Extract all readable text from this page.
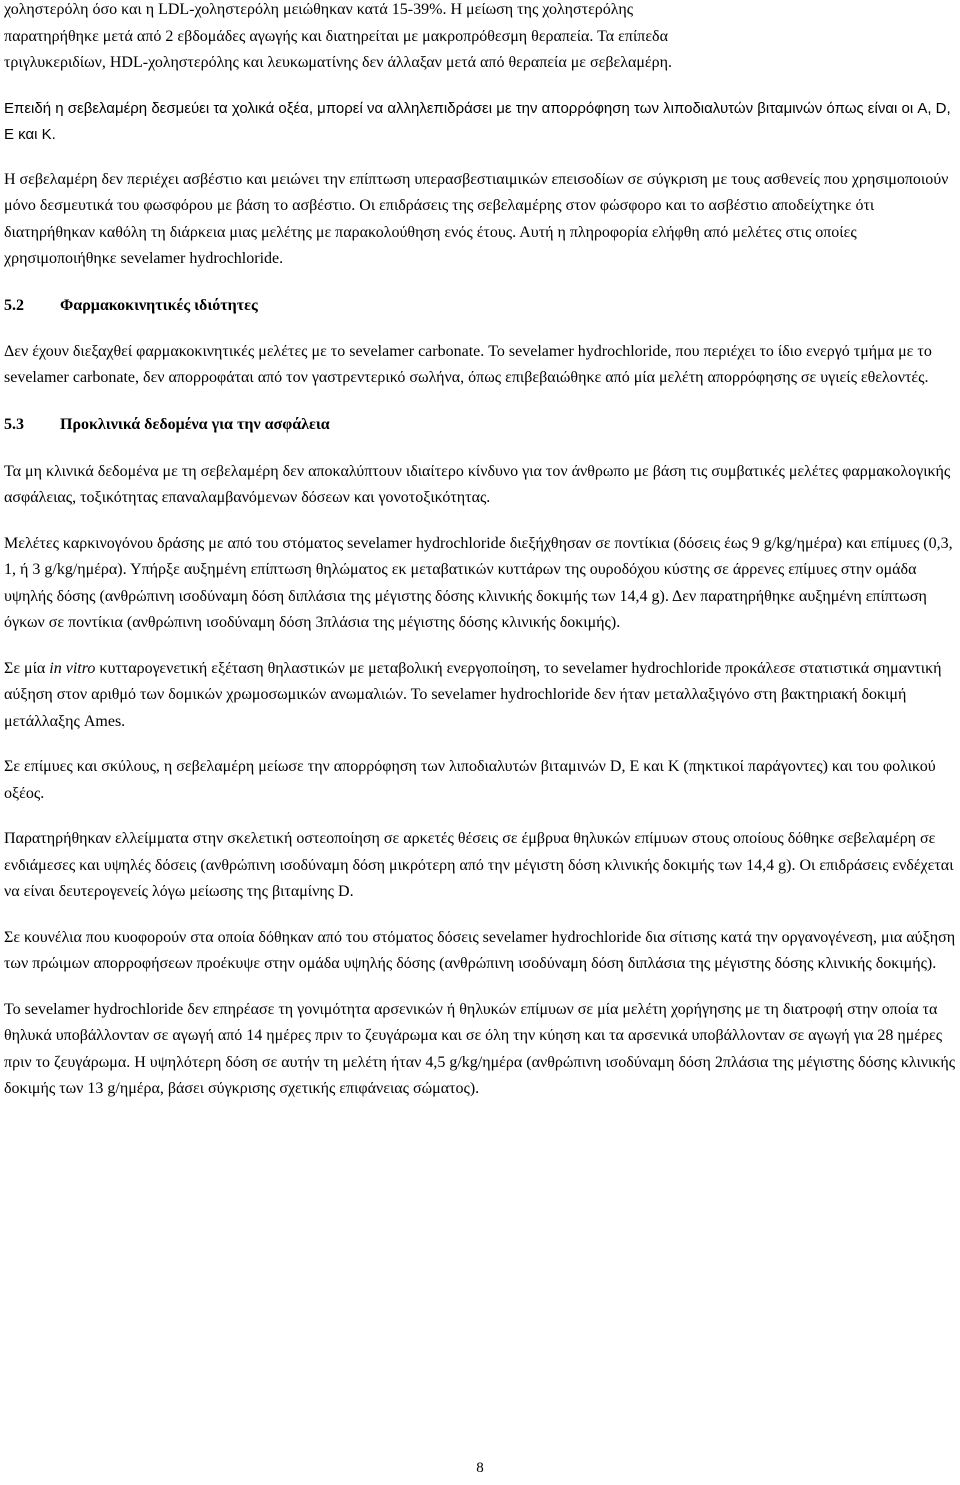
χοληστερόλη όσο και η LDL-χοληστερόλη μειώθηκαν κατά 15-39%. Η μείωση της χοληστερόλης
παρατηρήθηκε μετά από 2 εβδομάδες αγωγής και διατηρείται με μακροπρόθεσμη θεραπεία. Τα επίπεδα
τριγλυκεριδίων, HDL-χοληστερόλης και λευκωματίνης δεν άλλαξαν μετά από θεραπεία με σεβελαμέρη.

Επειδή η σεβελαμέρη δεσμεύει τα χολικά οξέα, μπορεί να αλληλεπιδράσει με την απορρόφηση των λιποδιαλυτών βιταμινών όπως είναι οι A, D, E και K.

Η σεβελαμέρη δεν περιέχει ασβέστιο και μειώνει την επίπτωση υπερασβεστιαιμικών επεισοδίων σε σύγκριση με τους ασθενείς που χρησιμοποιούν μόνο δεσμευτικά του φωσφόρου με βάση το ασβέστιο. Οι επιδράσεις της σεβελαμέρης στον φώσφορο και το ασβέστιο αποδείχτηκε ότι διατηρήθηκαν καθόλη τη διάρκεια μιας μελέτης με παρακολούθηση ενός έτους. Αυτή η πληροφορία ελήφθη από μελέτες στις οποίες χρησιμοποιήθηκε sevelamer hydrochloride.

5.2	Φαρμακοκινητικές ιδιότητες

Δεν έχουν διεξαχθεί φαρμακοκινητικές μελέτες με το sevelamer carbonate. Το sevelamer hydrochloride, που περιέχει το ίδιο ενεργό τμήμα με το sevelamer carbonate, δεν απορροφάται από τον γαστρεντερικό σωλήνα, όπως επιβεβαιώθηκε από μία μελέτη απορρόφησης σε υγιείς εθελοντές.

5.3	Προκλινικά δεδομένα για την ασφάλεια

Τα μη κλινικά δεδομένα με τη σεβελαμέρη δεν αποκαλύπτουν ιδιαίτερο κίνδυνο για τον άνθρωπο με βάση τις συμβατικές μελέτες φαρμακολογικής ασφάλειας, τοξικότητας επαναλαμβανόμενων δόσεων και γονοτοξικότητας.

Μελέτες καρκινογόνου δράσης με από του στόματος sevelamer hydrochloride διεξήχθησαν σε ποντίκια (δόσεις έως 9 g/kg/ημέρα) και επίμυες (0,3, 1, ή 3 g/kg/ημέρα). Υπήρξε αυξημένη επίπτωση θηλώματος εκ μεταβατικών κυττάρων της ουροδόχου κύστης σε άρρενες επίμυες στην ομάδα υψηλής δόσης (ανθρώπινη ισοδύναμη δόση διπλάσια της μέγιστης δόσης κλινικής δοκιμής των 14,4 g). Δεν παρατηρήθηκε αυξημένη επίπτωση όγκων σε ποντίκια (ανθρώπινη ισοδύναμη δόση 3πλάσια της μέγιστης δόσης κλινικής δοκιμής).

Σε μία in vitro κυτταρογενετική εξέταση θηλαστικών με μεταβολική ενεργοποίηση, το sevelamer hydrochloride προκάλεσε στατιστικά σημαντική αύξηση στον αριθμό των δομικών χρωμοσωμικών ανωμαλιών. Το sevelamer hydrochloride δεν ήταν μεταλλαξιγόνο στη βακτηριακή δοκιμή μετάλλαξης Ames.

Σε επίμυες και σκύλους, η σεβελαμέρη μείωσε την απορρόφηση των λιποδιαλυτών βιταμινών D, E και K (πηκτικοί παράγοντες) και του φολικού οξέος.

Παρατηρήθηκαν ελλείμματα στην σκελετική οστεοποίηση σε αρκετές θέσεις σε έμβρυα θηλυκών επίμυων στους οποίους δόθηκε σεβελαμέρη σε ενδιάμεσες και υψηλές δόσεις (ανθρώπινη ισοδύναμη δόση μικρότερη από την μέγιστη δόση κλινικής δοκιμής των 14,4 g). Οι επιδράσεις ενδέχεται να είναι δευτερογενείς λόγω μείωσης της βιταμίνης D.

Σε κουνέλια που κυοφορούν στα οποία δόθηκαν από του στόματος δόσεις sevelamer hydrochloride δια σίτισης κατά την οργανογένεση, μια αύξηση των πρώιμων απορροφήσεων προέκυψε στην ομάδα υψηλής δόσης (ανθρώπινη ισοδύναμη δόση διπλάσια της μέγιστης δόσης κλινικής δοκιμής).

Το sevelamer hydrochloride δεν επηρέασε τη γονιμότητα αρσενικών ή θηλυκών επίμυων σε μία μελέτη χορήγησης με τη διατροφή στην οποία τα θηλυκά υποβάλλονταν σε αγωγή από 14 ημέρες πριν το ζευγάρωμα και σε όλη την κύηση και τα αρσενικά υποβάλλονταν σε αγωγή για 28 ημέρες πριν το ζευγάρωμα. Η υψηλότερη δόση σε αυτήν τη μελέτη ήταν 4,5 g/kg/ημέρα (ανθρώπινη ισοδύναμη δόση 2πλάσια της μέγιστης δόσης κλινικής δοκιμής των 13 g/ημέρα, βάσει σύγκρισης σχετικής επιφάνειας σώματος).

8
